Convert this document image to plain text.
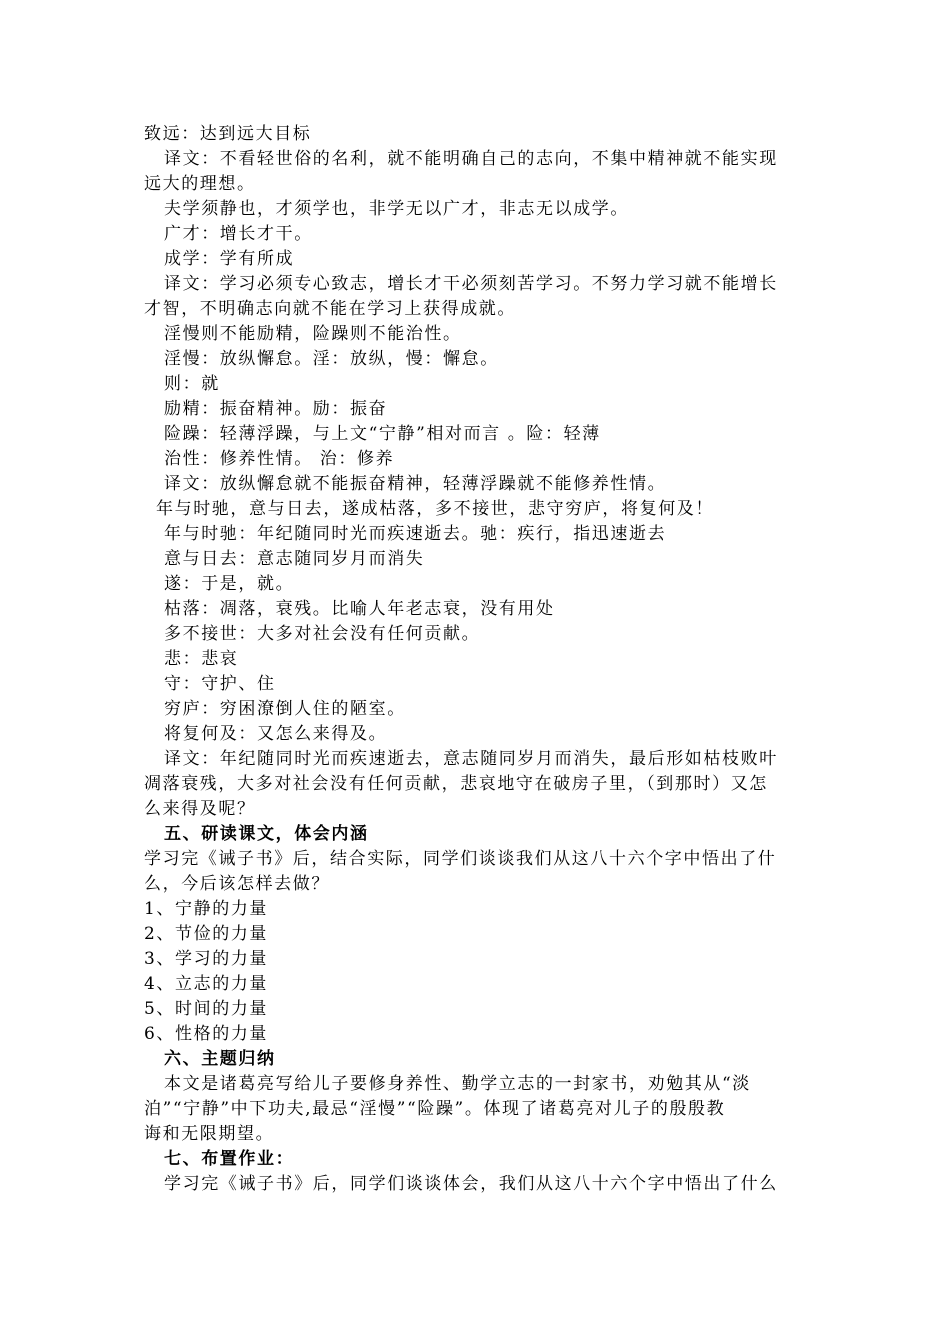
致远：达到远大目标
译文：不看轻世俗的名利，就不能明确自己的志向，不集中精神就不能实现
远大的理想。
夫学须静也，才须学也，非学无以广才，非志无以成学。
广才：增长才干。
成学：学有所成
译文：学习必须专心致志，增长才干必须刻苦学习。不努力学习就不能增长
才智，不明确志向就不能在学习上获得成就。
淫慢则不能励精，险躁则不能治性。
淫慢：放纵懈怠。淫：放纵，慢：懈怠。
则：就
励精：振奋精神。励：振奋
险躁：轻薄浮躁，与上文“宁静”相对而言 。险：轻薄
治性：修养性情。 治：修养
译文：放纵懈怠就不能振奋精神，轻薄浮躁就不能修养性情。
年与时驰，意与日去，遂成枯落，多不接世，悲守穷庐，将复何及！
年与时驰：年纪随同时光而疾速逝去。驰：疾行，指迅速逝去
意与日去：意志随同岁月而消失
遂：于是，就。
枯落：凋落，衰残。比喻人年老志衰，没有用处
多不接世：大多对社会没有任何贡献。
悲：悲哀
守：守护、住
穷庐：穷困潦倒人住的陋室。
将复何及：又怎么来得及。
译文：年纪随同时光而疾速逝去，意志随同岁月而消失，最后形如枯枝败叶
凋落衰残，大多对社会没有任何贡献，悲哀地守在破房子里，（到那时）又怎
么来得及呢？
五、研读课文，体会内涵
学习完《诫子书》后，结合实际，同学们谈谈我们从这八十六个字中悟出了什
么，今后该怎样去做？
1、宁静的力量
2、节俭的力量
3、学习的力量
4、立志的力量
5、时间的力量
6、性格的力量
六、主题归纳
本文是诸葛亮写给儿子要修身养性、勤学立志的一封家书，劝勉其从“淡
泊”“宁静”中下功夫,最忌“淫慢”“险躁”。体现了诸葛亮对儿子的殷殷教
诲和无限期望。
七、布置作业：
学习完《诫子书》后，同学们谈谈体会，我们从这八十六个字中悟出了什么
